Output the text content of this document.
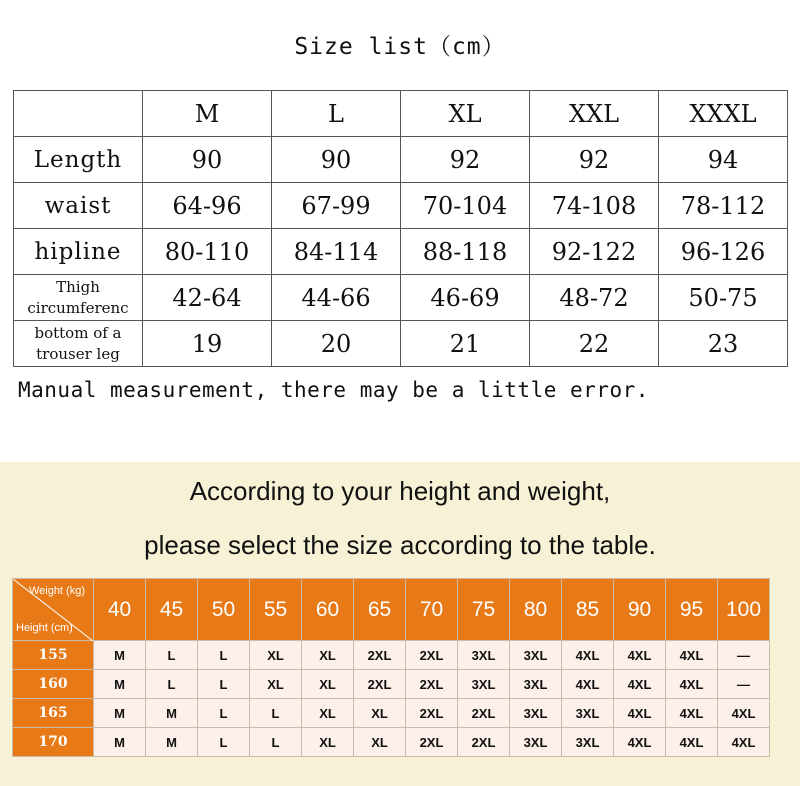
Size list（cm）
	M	L	XL	XXL	XXXL
Length	90	90	92	92	94
waist	64-96	67-99	70-104	74-108	78-112
hipline	80-110	84-114	88-118	92-122	96-126
Thigh circumferenc	42-64	44-66	46-69	48-72	50-75
bottom of a trouser leg	19	20	21	22	23
Manual measurement, there may be a little error.
According to your height and weight,
please select the size according to the table.
Weight (kg)
Height (cm)	40	45	50	55	60	65	70	75	80	85	90	95	100
155	M	L	L	XL	XL	2XL	2XL	3XL	3XL	4XL	4XL	4XL	—
160	M	L	L	XL	XL	2XL	2XL	3XL	3XL	4XL	4XL	4XL	—
165	M	M	L	L	XL	XL	2XL	2XL	3XL	3XL	4XL	4XL	4XL
170	M	M	L	L	XL	XL	2XL	2XL	3XL	3XL	4XL	4XL	4XL
